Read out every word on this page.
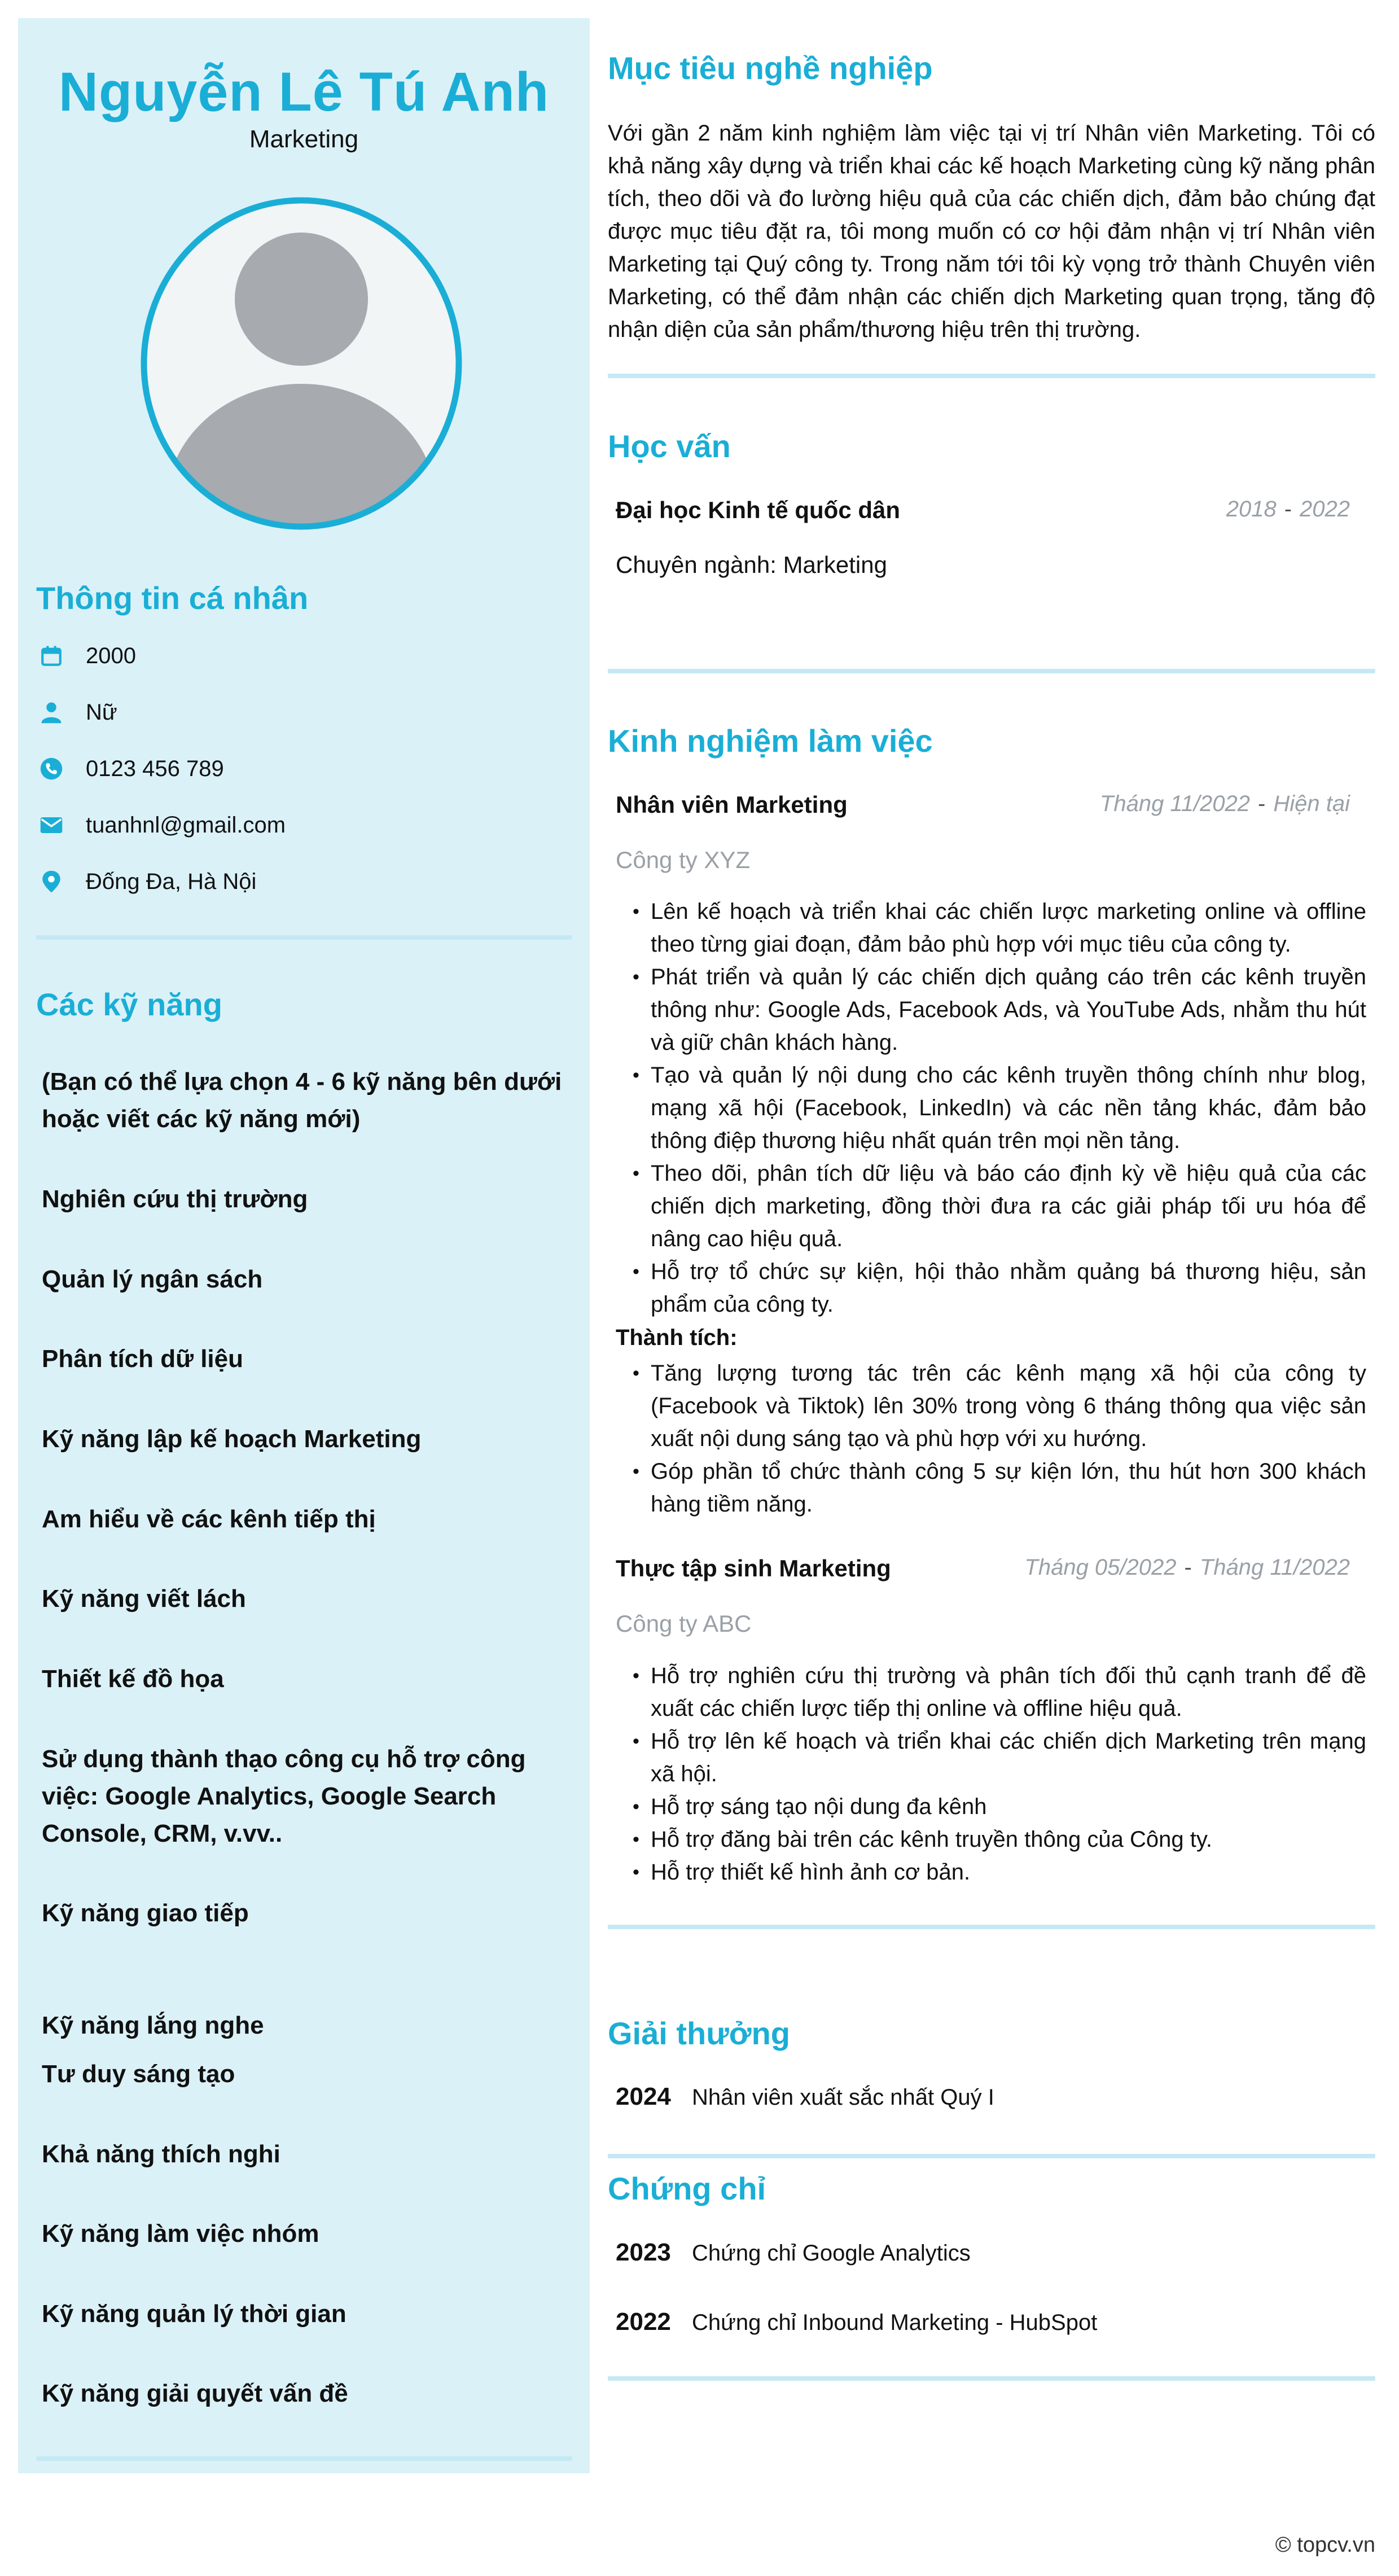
Nguyễn Lê Tú Anh
Marketing
Thông tin cá nhân
2000
Nữ
0123 456 789
tuanhnl@gmail.com
Đống Đa, Hà Nội
Các kỹ năng
(Bạn có thể lựa chọn 4 - 6 kỹ năng bên dưới hoặc viết các kỹ năng mới)
Nghiên cứu thị trường
Quản lý ngân sách
Phân tích dữ liệu
Kỹ năng lập kế hoạch Marketing
Am hiểu về các kênh tiếp thị
Kỹ năng viết lách
Thiết kế đồ họa
Sử dụng thành thạo công cụ hỗ trợ công việc: Google Analytics, Google Search Console, CRM, v.vv..
Kỹ năng giao tiếp
Kỹ năng lắng nghe
Tư duy sáng tạo
Khả năng thích nghi
Kỹ năng làm việc nhóm
Kỹ năng quản lý thời gian
Kỹ năng giải quyết vấn đề
Mục tiêu nghề nghiệp
Với gần 2 năm kinh nghiệm làm việc tại vị trí Nhân viên Marketing. Tôi có khả năng xây dựng và triển khai các kế hoạch Marketing cùng kỹ năng phân tích, theo dõi và đo lường hiệu quả của các chiến dịch, đảm bảo chúng đạt được mục tiêu đặt ra, tôi mong muốn có cơ hội đảm nhận vị trí Nhân viên Marketing tại Quý công ty. Trong năm tới tôi kỳ vọng trở thành Chuyên viên Marketing, có thể đảm nhận các chiến dịch Marketing quan trọng, tăng độ nhận diện của sản phẩm/thương hiệu trên thị trường.
Học vấn
Đại học Kinh tế quốc dân	2018 - 2022
Chuyên ngành: Marketing
Kinh nghiệm làm việc
Nhân viên Marketing	Tháng 11/2022 - Hiện tại
Công ty XYZ
• Lên kế hoạch và triển khai các chiến lược marketing online và offline theo từng giai đoạn, đảm bảo phù hợp với mục tiêu của công ty.
• Phát triển và quản lý các chiến dịch quảng cáo trên các kênh truyền thông như: Google Ads, Facebook Ads, và YouTube Ads, nhằm thu hút và giữ chân khách hàng.
• Tạo và quản lý nội dung cho các kênh truyền thông chính như blog, mạng xã hội (Facebook, LinkedIn) và các nền tảng khác, đảm bảo thông điệp thương hiệu nhất quán trên mọi nền tảng.
• Theo dõi, phân tích dữ liệu và báo cáo định kỳ về hiệu quả của các chiến dịch marketing, đồng thời đưa ra các giải pháp tối ưu hóa để nâng cao hiệu quả.
• Hỗ trợ tổ chức sự kiện, hội thảo nhằm quảng bá thương hiệu, sản phẩm của công ty.
Thành tích:
• Tăng lượng tương tác trên các kênh mạng xã hội của công ty (Facebook và Tiktok) lên 30% trong vòng 6 tháng thông qua việc sản xuất nội dung sáng tạo và phù hợp với xu hướng.
• Góp phần tổ chức thành công 5 sự kiện lớn, thu hút hơn 300 khách hàng tiềm năng.
Thực tập sinh Marketing	Tháng 05/2022 - Tháng 11/2022
Công ty ABC
• Hỗ trợ nghiên cứu thị trường và phân tích đối thủ cạnh tranh để đề xuất các chiến lược tiếp thị online và offline hiệu quả.
• Hỗ trợ lên kế hoạch và triển khai các chiến dịch Marketing trên mạng xã hội.
• Hỗ trợ sáng tạo nội dung đa kênh
• Hỗ trợ đăng bài trên các kênh truyền thông của Công ty.
• Hỗ trợ thiết kế hình ảnh cơ bản.
Giải thưởng
2024 Nhân viên xuất sắc nhất Quý I
Chứng chỉ
2023 Chứng chỉ Google Analytics
2022 Chứng chỉ Inbound Marketing - HubSpot
© topcv.vn
